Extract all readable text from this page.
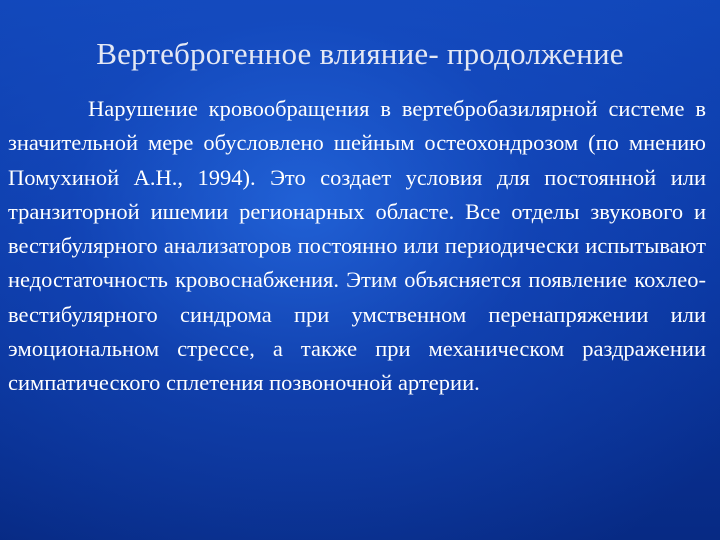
Вертеброгенное влияние- продолжение

Нарушение кровообращения в вертебробазилярной системе в значительной мере обусловлено шейным остеохондрозом (по мнению Помухиной А.Н., 1994). Это создает условия для постоянной или транзиторной ишемии регионарных областе. Все отделы звукового и вестибулярного анализаторов постоянно или периодически испытывают недостаточность кровоснабжения. Этим объясняется появление кохлео-вестибулярного синдрома при умственном перенапряжении или эмоциональном стрессе, а также при механическом раздражении симпатического сплетения позвоночной артерии.
